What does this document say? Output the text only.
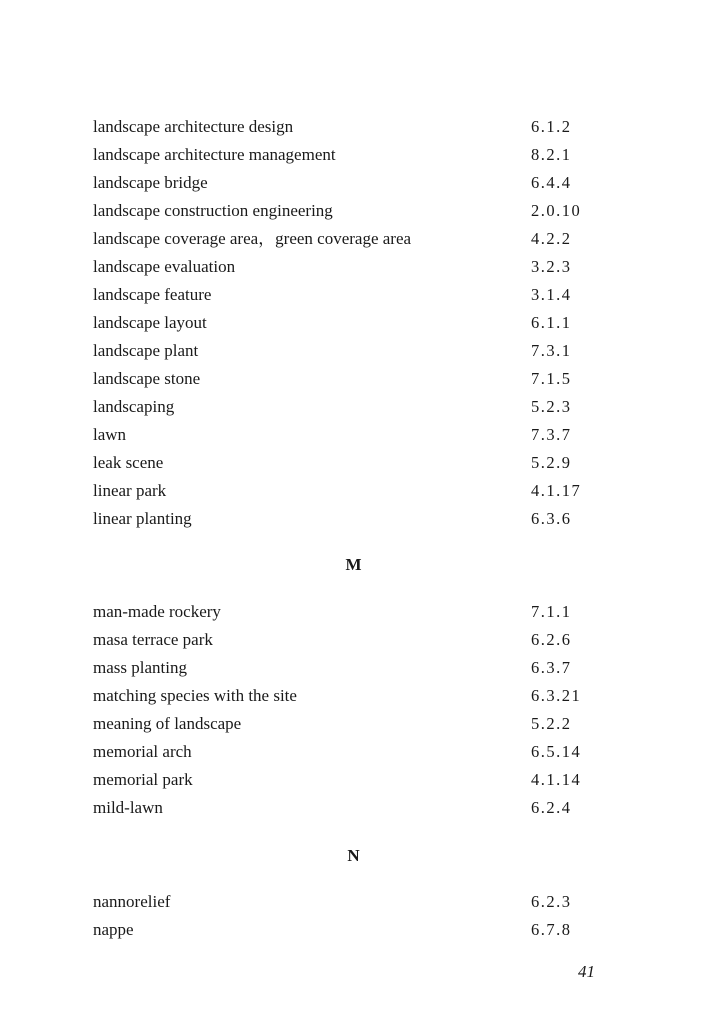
landscape architecture design	6.1.2
landscape architecture management	8.2.1
landscape bridge	6.4.4
landscape construction engineering	2.0.10
landscape coverage area，green coverage area	4.2.2
landscape evaluation	3.2.3
landscape feature	3.1.4
landscape layout	6.1.1
landscape plant	7.3.1
landscape stone	7.1.5
landscaping	5.2.3
lawn	7.3.7
leak scene	5.2.9
linear park	4.1.17
linear planting	6.3.6
M
man-made rockery	7.1.1
masa terrace park	6.2.6
mass planting	6.3.7
matching species with the site	6.3.21
meaning of landscape	5.2.2
memorial arch	6.5.14
memorial park	4.1.14
mild-lawn	6.2.4
N
nannorelief	6.2.3
nappe	6.7.8
41
